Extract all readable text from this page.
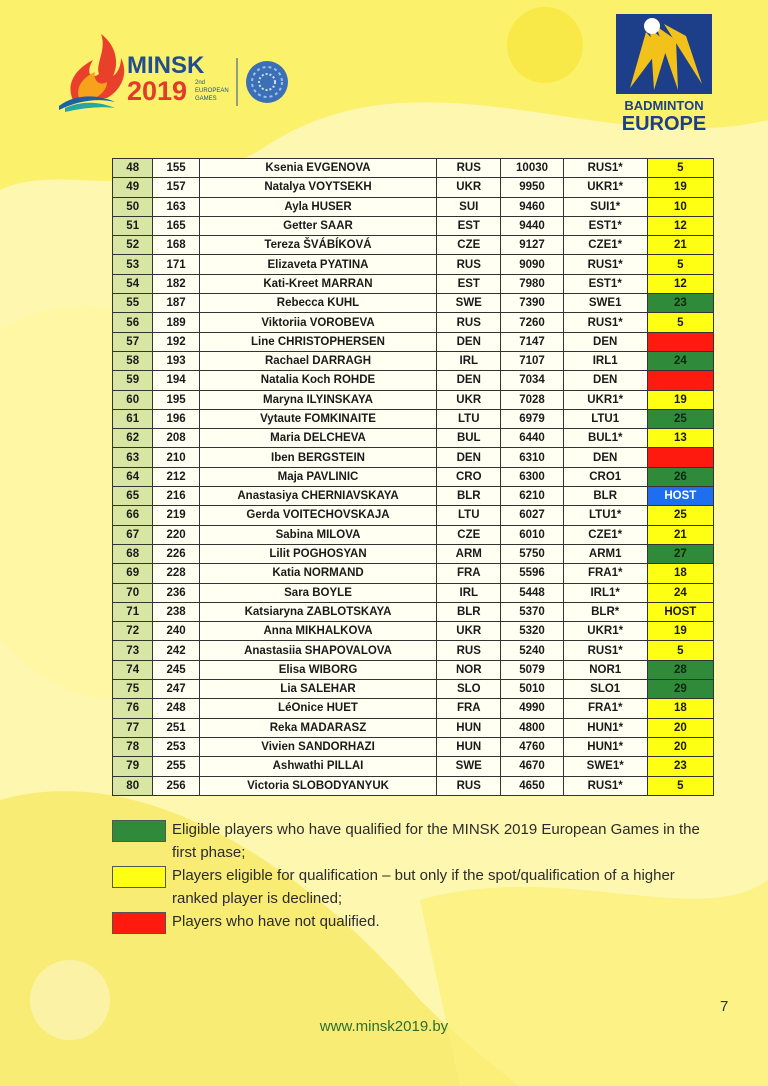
MINSK
2019 2nd
EUROPEAN
GAMES	BADMINTON
EUROPE
48	155	Ksenia EVGENOVA	RUS	10030	RUS1*	5
49	157	Natalya VOYTSEKH	UKR	9950	UKR1*	19
50	163	Ayla HUSER	SUI	9460	SUI1*	10
51	165	Getter SAAR	EST	9440	EST1*	12
52	168	Tereza ŠVÁBÍKOVÁ	CZE	9127	CZE1*	21
53	171	Elizaveta PYATINA	RUS	9090	RUS1*	5
54	182	Kati-Kreet MARRAN	EST	7980	EST1*	12
55	187	Rebecca KUHL	SWE	7390	SWE1	23
56	189	Viktoriia VOROBEVA	RUS	7260	RUS1*	5
57	192	Line CHRISTOPHERSEN	DEN	7147	DEN	
58	193	Rachael DARRAGH	IRL	7107	IRL1	24
59	194	Natalia Koch ROHDE	DEN	7034	DEN	
60	195	Maryna ILYINSKAYA	UKR	7028	UKR1*	19
61	196	Vytaute FOMKINAITE	LTU	6979	LTU1	25
62	208	Maria DELCHEVA	BUL	6440	BUL1*	13
63	210	Iben BERGSTEIN	DEN	6310	DEN	
64	212	Maja PAVLINIC	CRO	6300	CRO1	26
65	216	Anastasiya CHERNIAVSKAYA	BLR	6210	BLR	HOST
66	219	Gerda VOITECHOVSKAJA	LTU	6027	LTU1*	25
67	220	Sabina MILOVA	CZE	6010	CZE1*	21
68	226	Lilit POGHOSYAN	ARM	5750	ARM1	27
69	228	Katia NORMAND	FRA	5596	FRA1*	18
70	236	Sara BOYLE	IRL	5448	IRL1*	24
71	238	Katsiaryna ZABLOTSKAYA	BLR	5370	BLR*	HOST
72	240	Anna MIKHALKOVA	UKR	5320	UKR1*	19
73	242	Anastasiia SHAPOVALOVA	RUS	5240	RUS1*	5
74	245	Elisa WIBORG	NOR	5079	NOR1	28
75	247	Lia SALEHAR	SLO	5010	SLO1	29
76	248	LéOnice HUET	FRA	4990	FRA1*	18
77	251	Reka MADARASZ	HUN	4800	HUN1*	20
78	253	Vivien SANDORHAZI	HUN	4760	HUN1*	20
79	255	Ashwathi PILLAI	SWE	4670	SWE1*	23
80	256	Victoria SLOBODYANYUK	RUS	4650	RUS1*	5
Eligible players who have qualified for the MINSK 2019 European Games in the first phase;
Players eligible for qualification – but only if the spot/qualification of a higher ranked player is declined;
Players who have not qualified.
7
www.minsk2019.by
